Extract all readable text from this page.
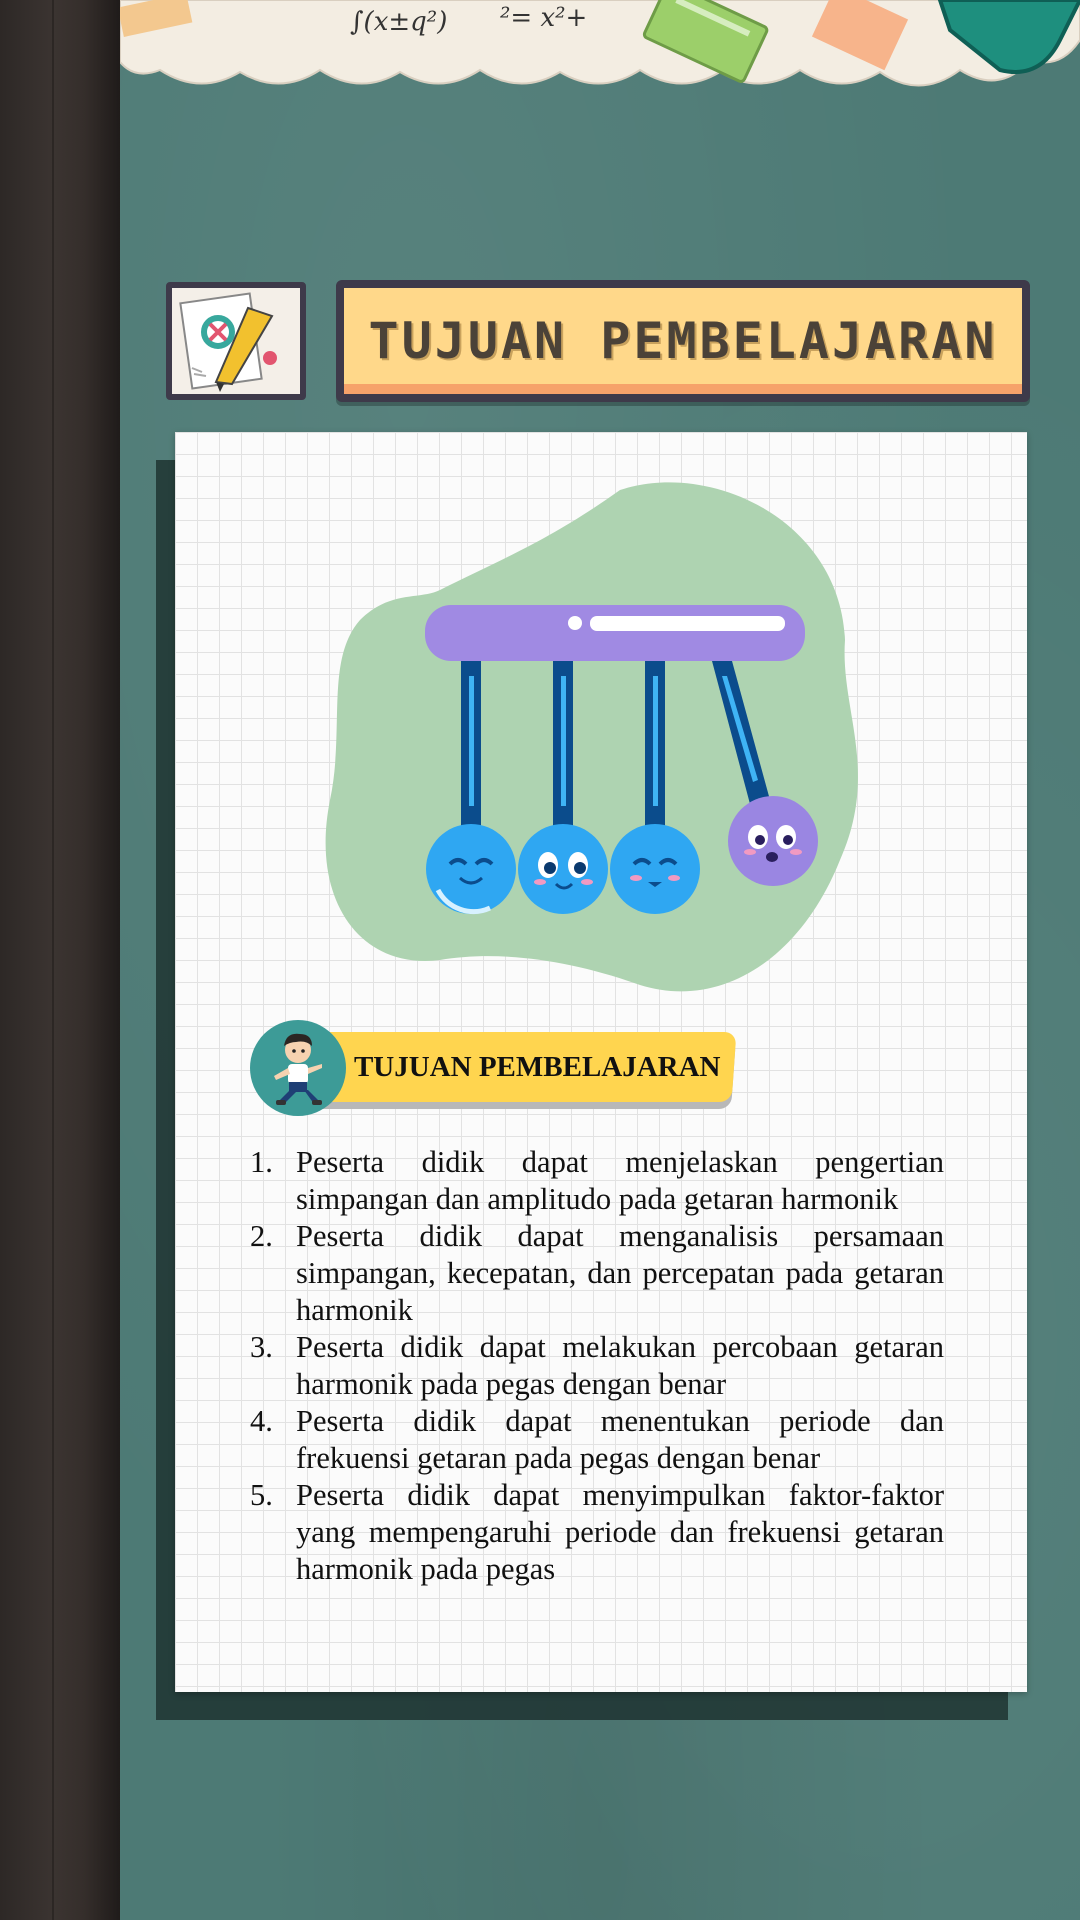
∫(x±q²) ²= x²+
TUJUAN PEMBELAJARAN
TUJUAN PEMBELAJARAN
1. Peserta didik dapat menjelaskan pengertian simpangan dan amplitudo pada getaran harmonik
2. Peserta didik dapat menganalisis persamaan simpangan, kecepatan, dan percepatan pada getaran harmonik
3. Peserta didik dapat melakukan percobaan getaran harmonik pada pegas dengan benar
4. Peserta didik dapat menentukan periode dan frekuensi getaran pada pegas dengan benar
5. Peserta didik dapat menyimpulkan faktor-faktor yang mempengaruhi periode dan frekuensi getaran harmonik pada pegas
